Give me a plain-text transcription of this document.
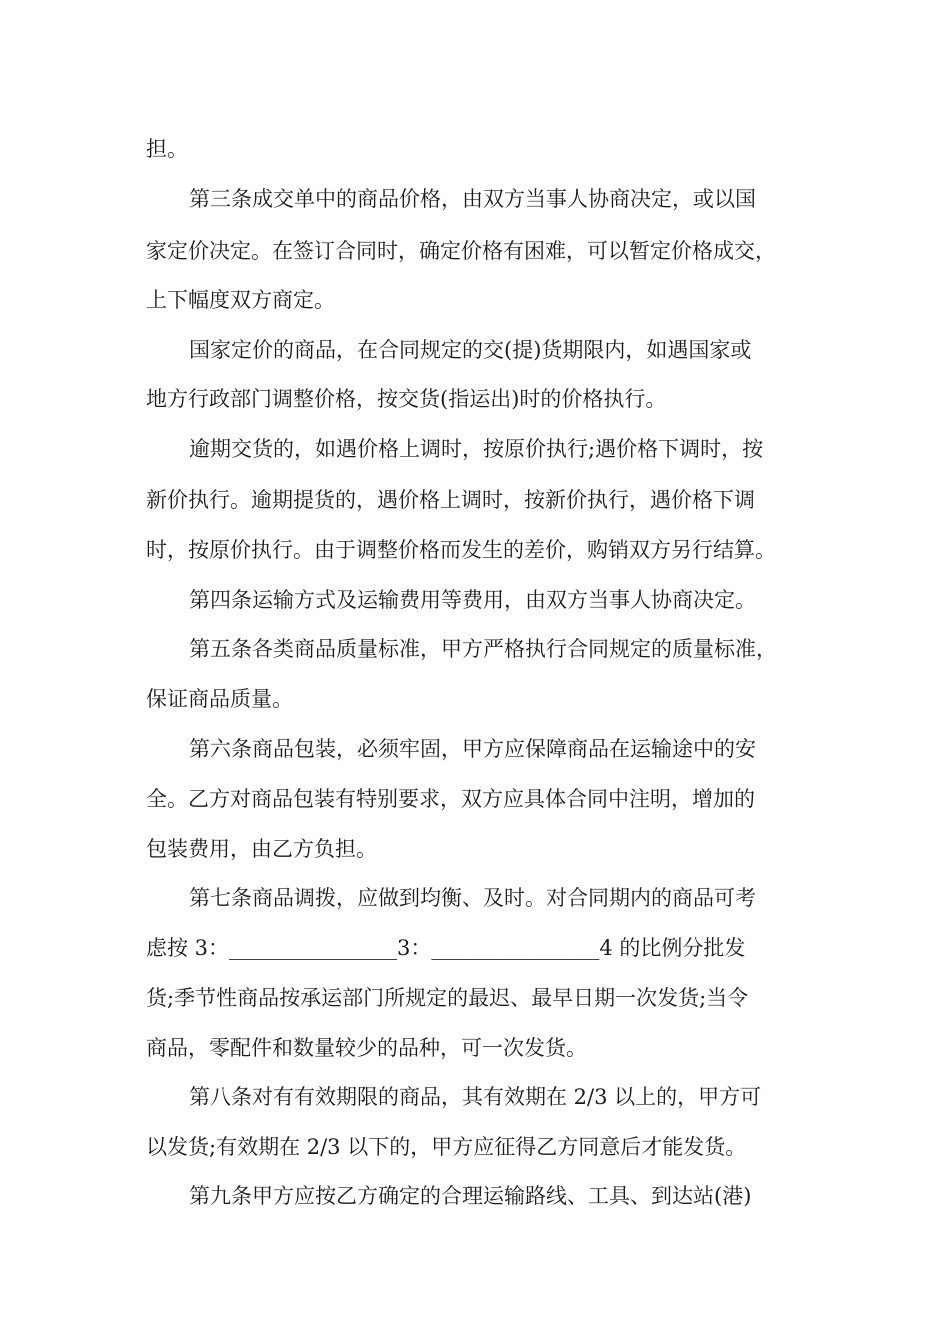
担。
第三条成交单中的商品价格，由双方当事人协商决定，或以国
家定价决定。在签订合同时，确定价格有困难，可以暂定价格成交，
上下幅度双方商定。
国家定价的商品，在合同规定的交(提)货期限内，如遇国家或
地方行政部门调整价格，按交货(指运出)时的价格执行。
逾期交货的，如遇价格上调时，按原价执行;遇价格下调时，按
新价执行。逾期提货的，遇价格上调时，按新价执行，遇价格下调
时，按原价执行。由于调整价格而发生的差价，购销双方另行结算。
第四条运输方式及运输费用等费用，由双方当事人协商决定。
第五条各类商品质量标准，甲方严格执行合同规定的质量标准，
保证商品质量。
第六条商品包装，必须牢固，甲方应保障商品在运输途中的安
全。乙方对商品包装有特别要求，双方应具体合同中注明，增加的
包装费用，由乙方负担。
第七条商品调拨，应做到均衡、及时。对合同期内的商品可考
虑按 3：________________3：________________4 的比例分批发
货;季节性商品按承运部门所规定的最迟、最早日期一次发货;当令
商品，零配件和数量较少的品种，可一次发货。
第八条对有有效期限的商品，其有效期在 2/3 以上的，甲方可
以发货;有效期在 2/3 以下的，甲方应征得乙方同意后才能发货。
第九条甲方应按乙方确定的合理运输路线、工具、到达站(港)
